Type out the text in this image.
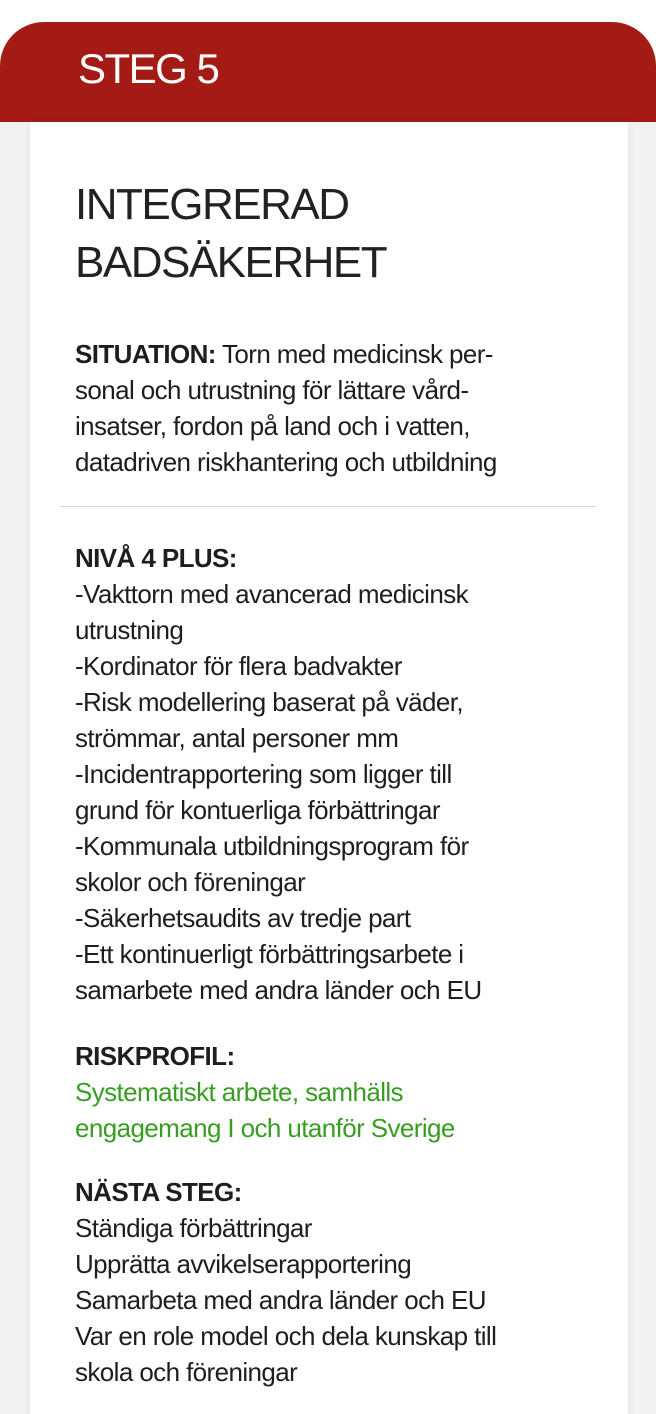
STEG 5
INTEGRERAD
BADSÄKERHET
SITUATION: Torn med medicinsk per-
sonal och utrustning för lättare vård-
insatser, fordon på land och i vatten,
datadriven riskhantering och utbildning
NIVÅ 4 PLUS:
-Vakttorn med avancerad medicinsk
utrustning
-Kordinator för flera badvakter
-Risk modellering baserat på väder,
strömmar, antal personer mm
-Incidentrapportering som ligger till
grund för kontuerliga förbättringar
-Kommunala utbildningsprogram för
skolor och föreningar
-Säkerhetsaudits av tredje part
-Ett kontinuerligt förbättringsarbete i
samarbete med andra länder och EU
RISKPROFIL:
Systematiskt arbete, samhälls
engagemang I och utanför Sverige
NÄSTA STEG:
Ständiga förbättringar
Upprätta avvikelserapportering
Samarbeta med andra länder och EU
Var en role model och dela kunskap till
skola och föreningar
